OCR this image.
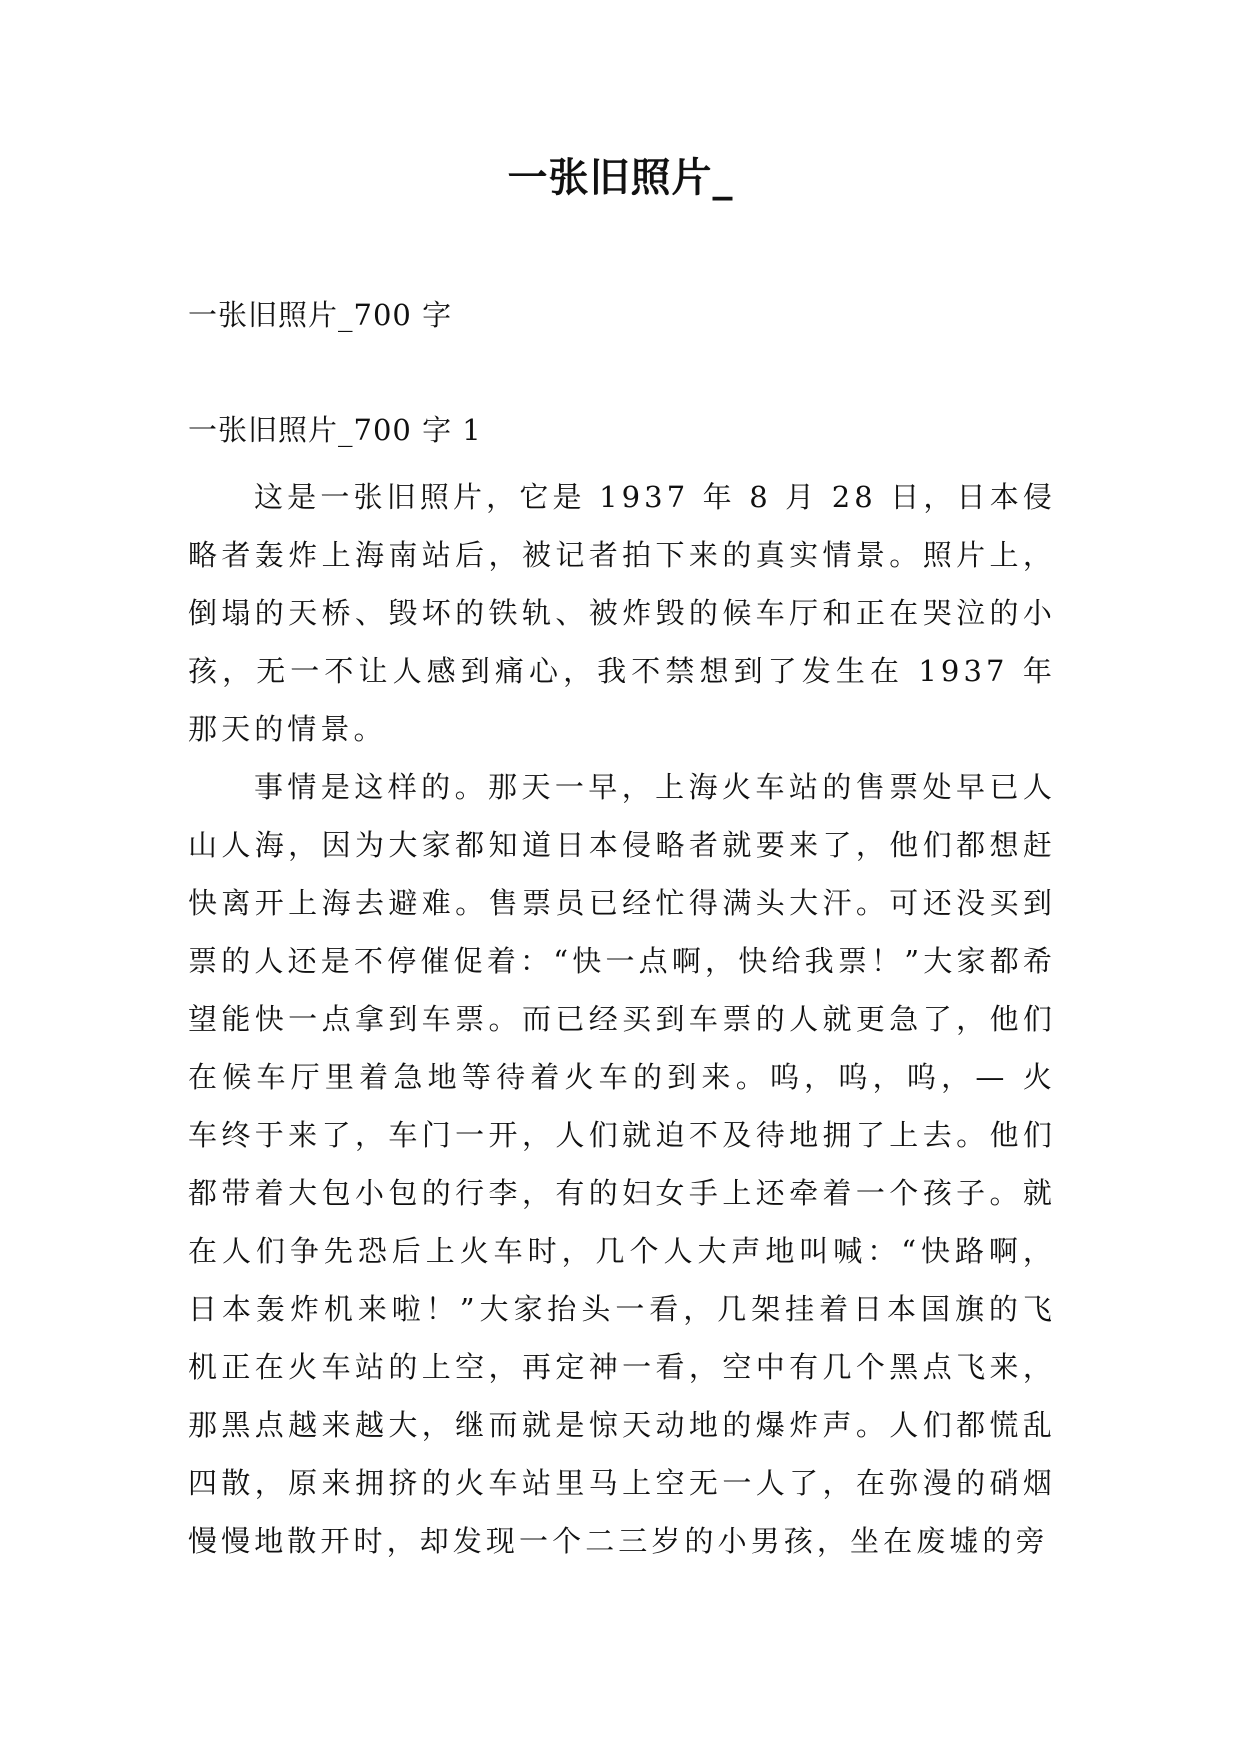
一张旧照片_

一张旧照片_700 字

一张旧照片_700 字 1

这是一张旧照片，它是 1937 年 8 月 28 日，日本侵略者轰炸上海南站后，被记者拍下来的真实情景。照片上，倒塌的天桥、毁坏的铁轨、被炸毁的候车厅和正在哭泣的小孩，无一不让人感到痛心，我不禁想到了发生在 1937 年那天的情景。

事情是这样的。那天一早，上海火车站的售票处早已人山人海，因为大家都知道日本侵略者就要来了，他们都想赶快离开上海去避难。售票员已经忙得满头大汗。可还没买到票的人还是不停催促着：“快一点啊，快给我票！”大家都希望能快一点拿到车票。而已经买到车票的人就更急了，他们在候车厅里着急地等待着火车的到来。呜，呜，呜，— 火车终于来了，车门一开，人们就迫不及待地拥了上去。他们都带着大包小包的行李，有的妇女手上还牵着一个孩子。就在人们争先恐后上火车时，几个人大声地叫喊：“快路啊，日本轰炸机来啦！”大家抬头一看，几架挂着日本国旗的飞机正在火车站的上空，再定神一看，空中有几个黑点飞来，那黑点越来越大，继而就是惊天动地的爆炸声。人们都慌乱四散，原来拥挤的火车站里马上空无一人了，在弥漫的硝烟慢慢地散开时，却发现一个二三岁的小男孩，坐在废墟的旁
